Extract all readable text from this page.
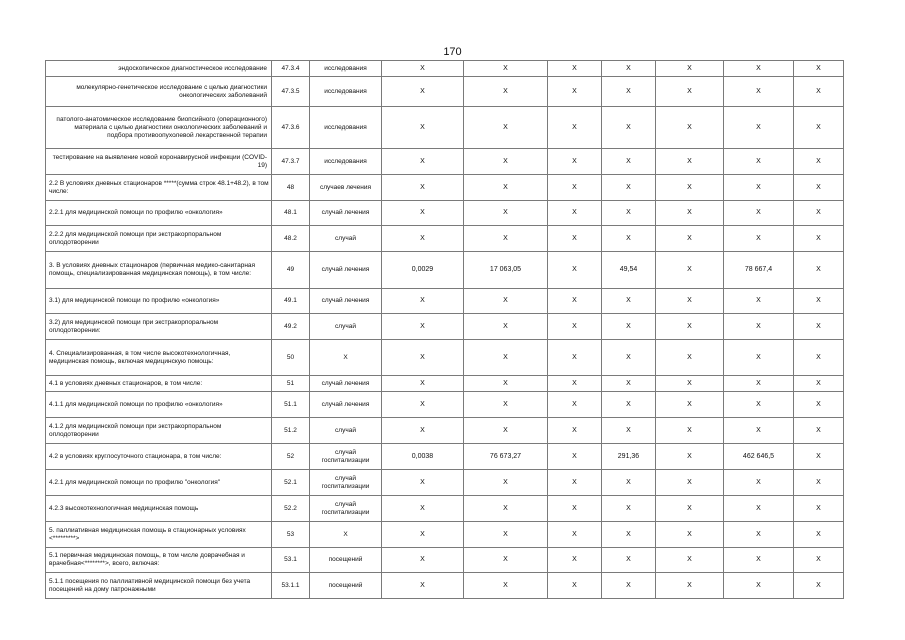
170
эндоскопическое диагностическое исследование	47.3.4	исследования	X	X	X	X	X	X	X
молекулярно-генетическое исследование с целью диагностики онкологических заболеваний	47.3.5	исследования	X	X	X	X	X	X	X
патолого-анатомическое исследование биопсийного (операционного) материала с целью диагностики онкологических заболеваний и подбора противоопухолевой лекарственной терапии	47.3.6	исследования	X	X	X	X	X	X	X
тестирование на выявление новой коронавирусной инфекции (COVID-19)	47.3.7	исследования	X	X	X	X	X	X	X
2.2 В условиях дневных стационаров *****(сумма строк 48.1+48.2), в том числе:	48	случаев лечения	X	X	X	X	X	X	X
2.2.1 для медицинской помощи по профилю «онкология»	48.1	случай лечения	X	X	X	X	X	X	X
2.2.2 для медицинской помощи при экстракорпоральном оплодотворении	48.2	случай	X	X	X	X	X	X	X
3. В условиях дневных стационаров (первичная медико-санитарная помощь, специализированная медицинская помощь), в том числе:	49	случай лечения	0,0029	17 063,05	X	49,54	X	78 667,4	X
3.1) для медицинской помощи по профилю «онкология»	49.1	случай лечения	X	X	X	X	X	X	X
3.2) для медицинской помощи при экстракорпоральном оплодотворении:	49.2	случай	X	X	X	X	X	X	X
4. Специализированная, в том числе высокотехнологичная, медицинская помощь, включая медицинскую помощь:	50	X	X	X	X	X	X	X	X
4.1 в условиях дневных стационаров, в том числе:	51	случай лечения	X	X	X	X	X	X	X
4.1.1 для медицинской помощи по профилю «онкология»	51.1	случай лечения	X	X	X	X	X	X	X
4.1.2 для медицинской помощи при экстракорпоральном оплодотворении	51.2	случай	X	X	X	X	X	X	X
4.2 в условиях круглосуточного стационара, в том числе:	52	случай госпитализации	0,0038	76 673,27	X	291,36	X	462 646,5	X
4.2.1 для медицинской помощи по профилю "онкология"	52.1	случай госпитализации	X	X	X	X	X	X	X
4.2.3 высокотехнологичная медицинская помощь	52.2	случай госпитализации	X	X	X	X	X	X	X
5. паллиативная медицинская помощь в стационарных условиях <*********>	53	X	X	X	X	X	X	X	X
5.1 первичная медицинская помощь, в том числе доврачебная и врачебная<********>, всего, включая:	53.1	посещений	X	X	X	X	X	X	X
5.1.1 посещения по паллиативной медицинской помощи без учета посещений на дому патронажными	53.1.1	посещений	X	X	X	X	X	X	X
